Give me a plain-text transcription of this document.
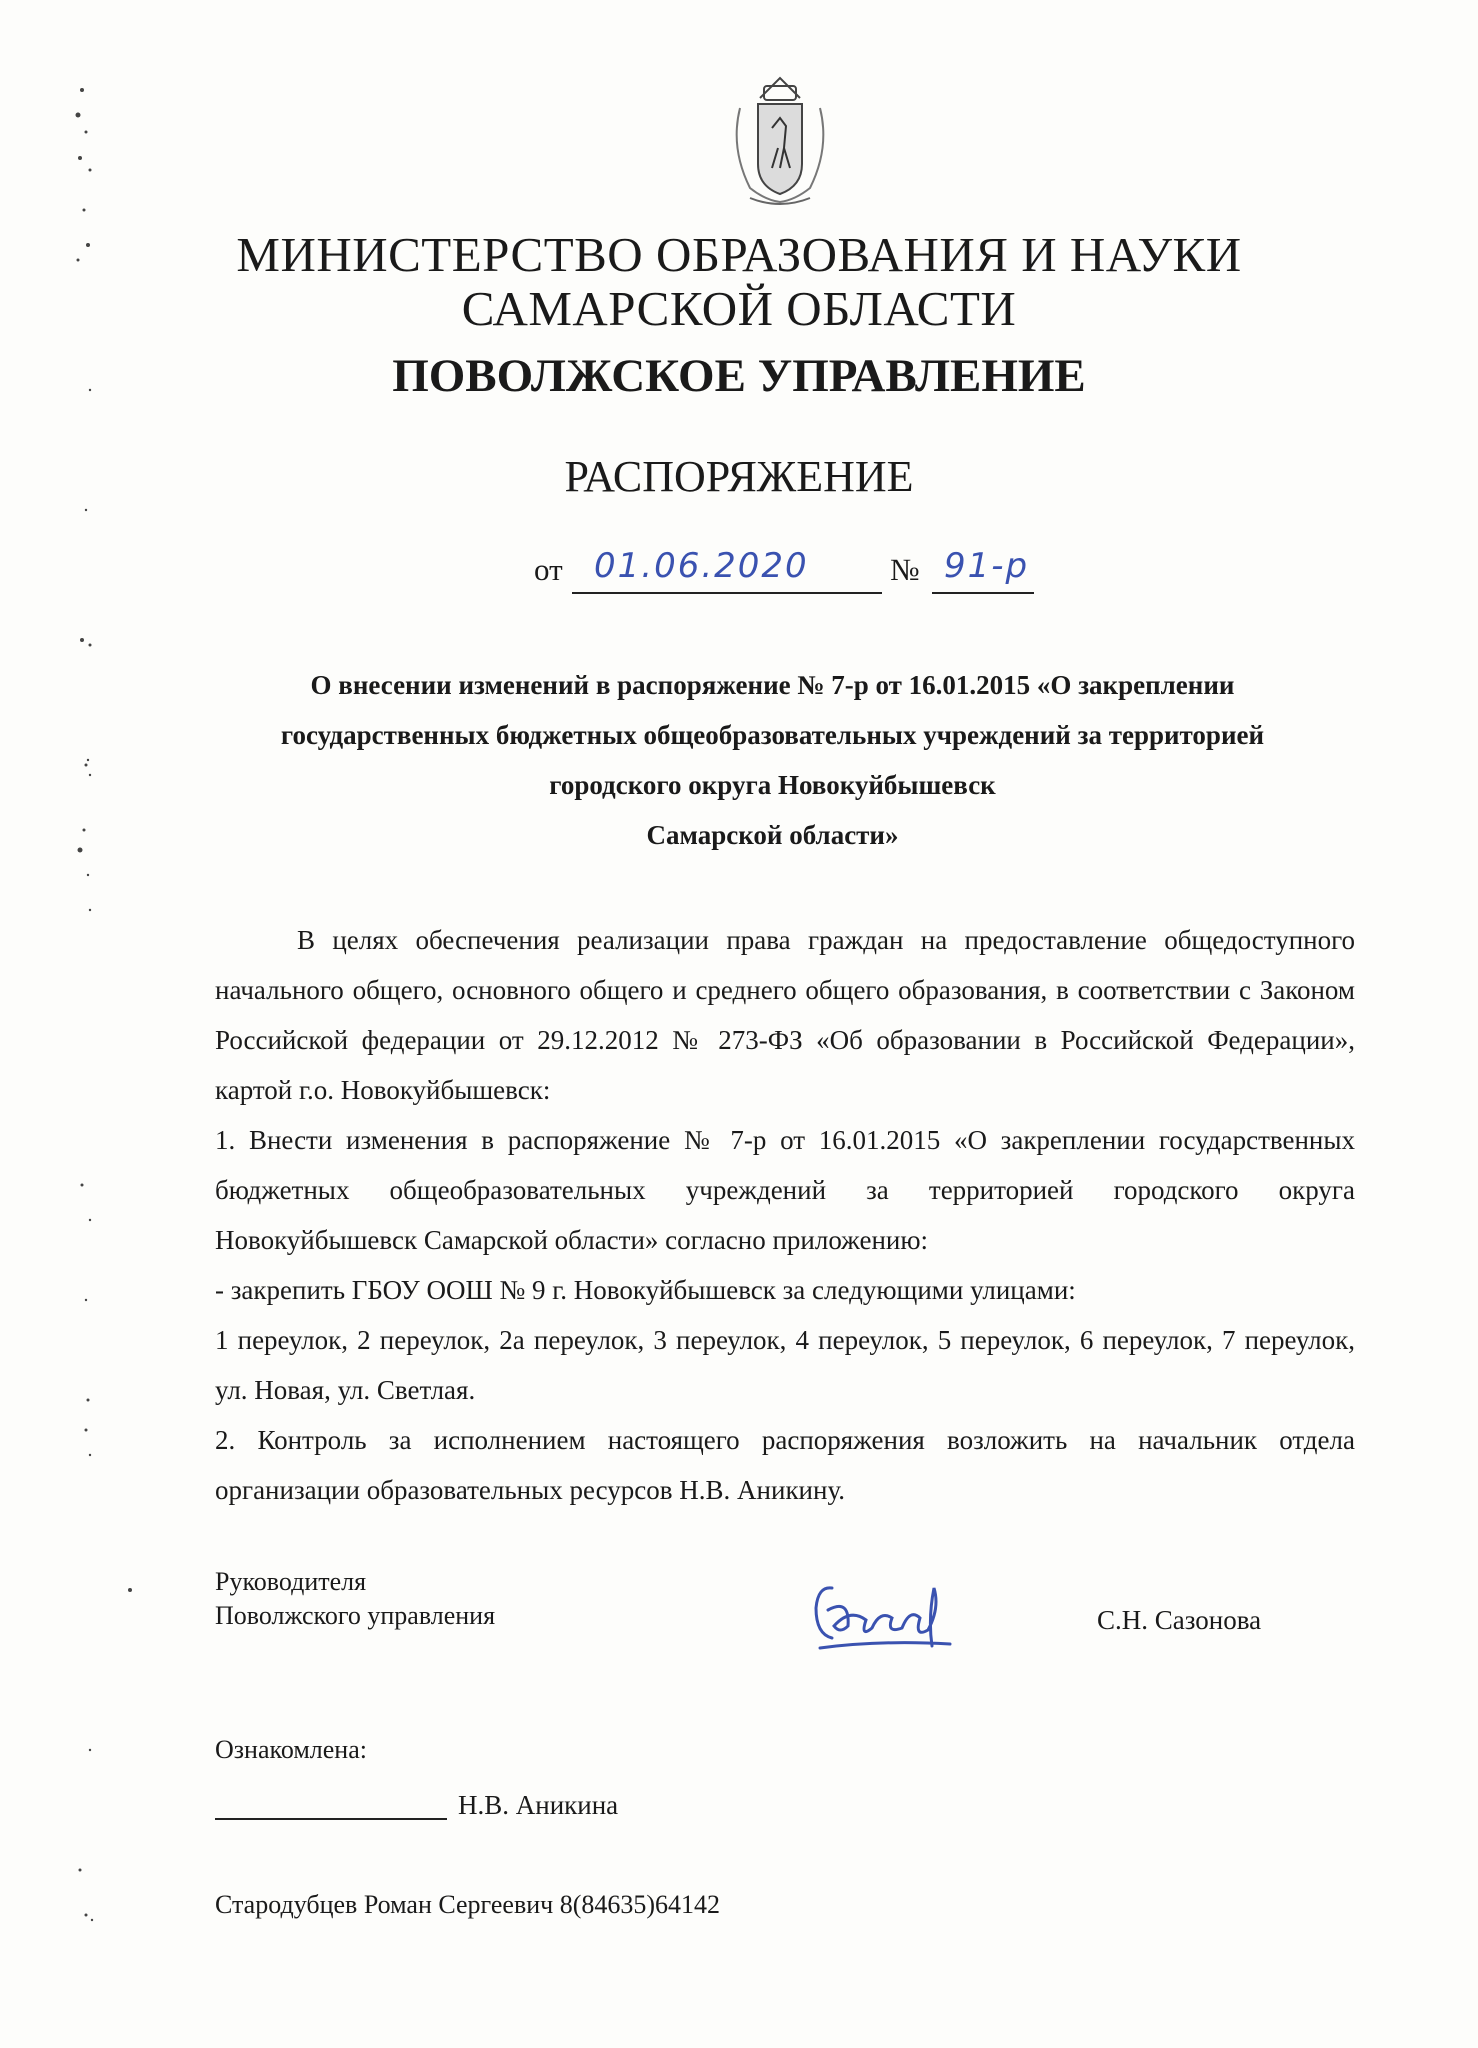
МИНИСТЕРСТВО ОБРАЗОВАНИЯ И НАУКИ
САМАРСКОЙ ОБЛАСТИ
ПОВОЛЖСКОЕ УПРАВЛЕНИЕ
РАСПОРЯЖЕНИЕ
от 01.06.2020	№ 91-р
О внесении изменений в распоряжение № 7-р от 16.01.2015 «О закреплении
государственных бюджетных общеобразовательных учреждений за территорией
городского округа Новокуйбышевск
Самарской области»

В целях обеспечения реализации права граждан на предоставление общедоступного начального общего, основного общего и среднего общего образования, в соответствии с Законом Российской федерации от 29.12.2012 № 273-ФЗ «Об образовании в Российской Федерации», картой г.о. Новокуйбышевск:

1. Внести изменения в распоряжение № 7-р от 16.01.2015 «О закреплении государственных бюджетных общеобразовательных учреждений за территорией городского округа Новокуйбышевск Самарской области» согласно приложению:

- закрепить ГБОУ ООШ № 9 г. Новокуйбышевск за следующими улицами:

1 переулок, 2 переулок, 2а переулок, 3 переулок, 4 переулок, 5 переулок, 6 переулок, 7 переулок, ул. Новая, ул. Светлая.

2. Контроль за исполнением настоящего распоряжения возложить на начальник отдела организации образовательных ресурсов Н.В. Аникину.

Руководителя
Поволжского управления	С.Н. Сазонова
Ознакомлена:
Н.В. Аникина
Стародубцев Роман Сергеевич 8(84635)64142
